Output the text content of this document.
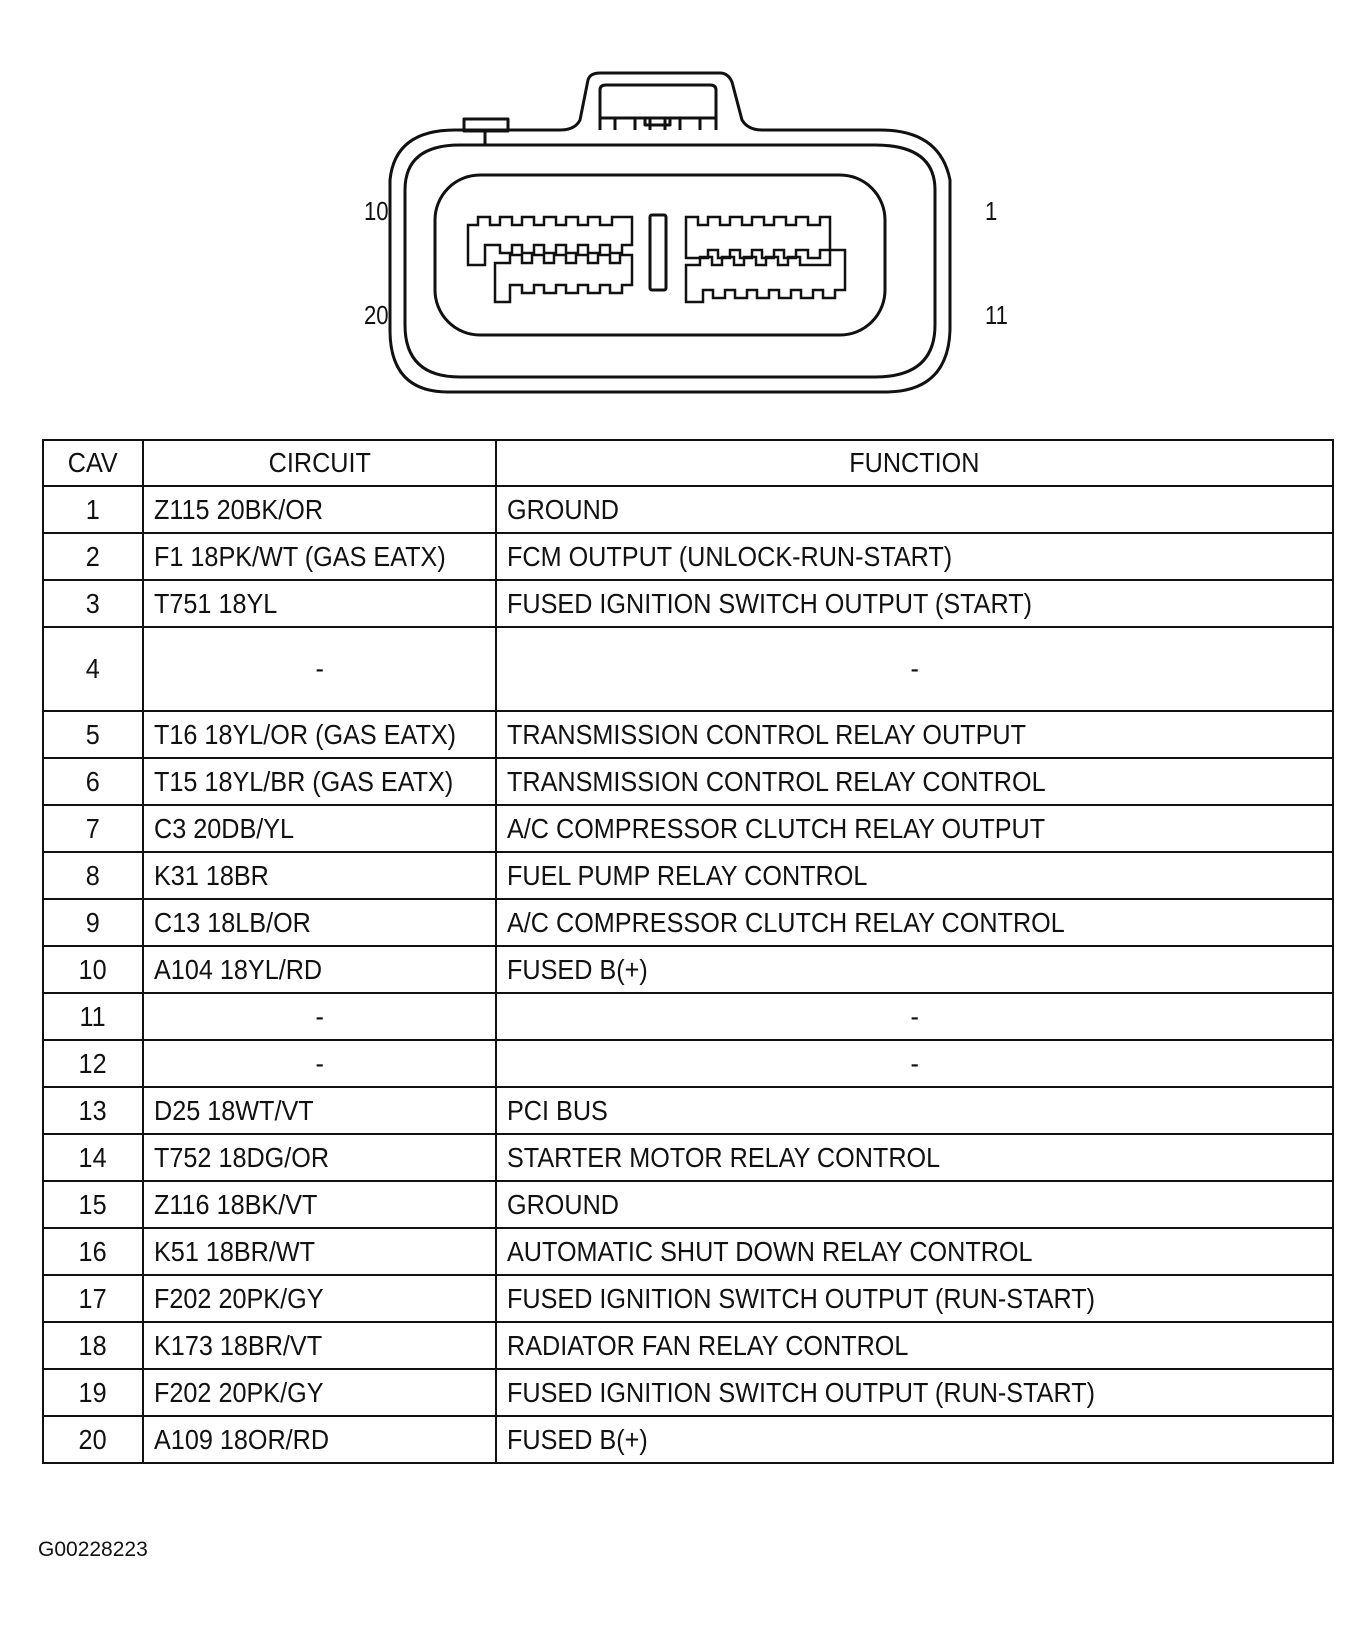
10
20
1
11
CAV	CIRCUIT	FUNCTION
1	Z115 20BK/OR	GROUND
2	F1 18PK/WT (GAS EATX)	FCM OUTPUT (UNLOCK-RUN-START)
3	T751 18YL	FUSED IGNITION SWITCH OUTPUT (START)
4	-	-
5	T16 18YL/OR (GAS EATX)	TRANSMISSION CONTROL RELAY OUTPUT
6	T15 18YL/BR (GAS EATX)	TRANSMISSION CONTROL RELAY CONTROL
7	C3 20DB/YL	A/C COMPRESSOR CLUTCH RELAY OUTPUT
8	K31 18BR	FUEL PUMP RELAY CONTROL
9	C13 18LB/OR	A/C COMPRESSOR CLUTCH RELAY CONTROL
10	A104 18YL/RD	FUSED B(+)
11	-	-
12	-	-
13	D25 18WT/VT	PCI BUS
14	T752 18DG/OR	STARTER MOTOR RELAY CONTROL
15	Z116 18BK/VT	GROUND
16	K51 18BR/WT	AUTOMATIC SHUT DOWN RELAY CONTROL
17	F202 20PK/GY	FUSED IGNITION SWITCH OUTPUT (RUN-START)
18	K173 18BR/VT	RADIATOR FAN RELAY CONTROL
19	F202 20PK/GY	FUSED IGNITION SWITCH OUTPUT (RUN-START)
20	A109 18OR/RD	FUSED B(+)
G00228223
